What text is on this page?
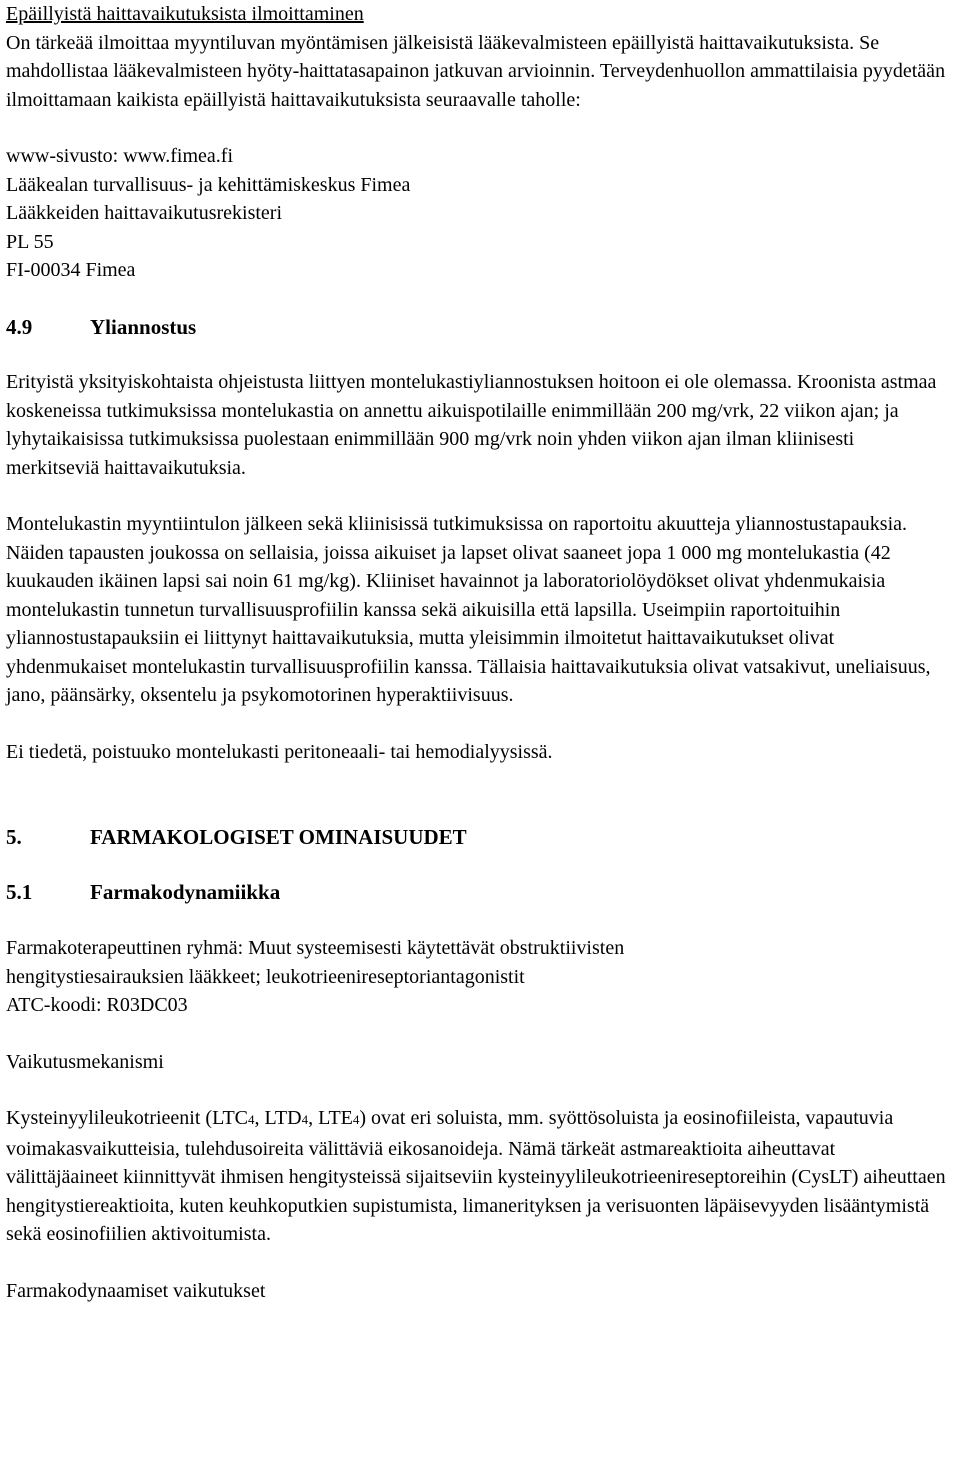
Epäillyistä haittavaikutuksista ilmoittaminen

On tärkeää ilmoittaa myyntiluvan myöntämisen jälkeisistä lääkevalmisteen epäillyistä haittavaikutuksista. Se mahdollistaa lääkevalmisteen hyöty-haittatasapainon jatkuvan arvioinnin. Terveydenhuollon ammattilaisia pyydetään ilmoittamaan kaikista epäillyistä haittavaikutuksista seuraavalle taholle:

www-sivusto: www.fimea.fi

Lääkealan turvallisuus- ja kehittämiskeskus Fimea
Lääkkeiden haittavaikutusrekisteri
PL 55
FI-00034 Fimea
4.9	Yliannostus

Erityistä yksityiskohtaista ohjeistusta liittyen montelukastiyliannostuksen hoitoon ei ole olemassa. Kroonista astmaa koskeneissa tutkimuksissa montelukastia on annettu aikuispotilaille enimmillään 200 mg/vrk, 22 viikon ajan; ja lyhytaikaisissa tutkimuksissa puolestaan enimmillään 900 mg/vrk noin yhden viikon ajan ilman kliinisesti merkitseviä haittavaikutuksia.

Montelukastin myyntiintulon jälkeen sekä kliinisissä tutkimuksissa on raportoitu akuutteja yliannostustapauksia. Näiden tapausten joukossa on sellaisia, joissa aikuiset ja lapset olivat saaneet jopa 1 000 mg montelukastia (42 kuukauden ikäinen lapsi sai noin 61 mg/kg). Kliiniset havainnot ja laboratoriolöydökset olivat yhdenmukaisia montelukastin tunnetun turvallisuusprofiilin kanssa sekä aikuisilla että lapsilla. Useimpiin raportoituihin yliannostustapauksiin ei liittynyt haittavaikutuksia, mutta yleisimmin ilmoitetut haittavaikutukset olivat yhdenmukaiset montelukastin turvallisuusprofiilin kanssa. Tällaisia haittavaikutuksia olivat vatsakivut, uneliaisuus, jano, päänsärky, oksentelu ja psykomotorinen hyperaktiivisuus.

Ei tiedetä, poistuuko montelukasti peritoneaali- tai hemodialyysissä.

5.	FARMAKOLOGISET OMINAISUUDET
5.1	Farmakodynamiikka

Farmakoterapeuttinen ryhmä: Muut systeemisesti käytettävät obstruktiivisten

hengitystiesairauksien lääkkeet; leukotrieenireseptoriantagonistit

ATC-koodi: R03DC03

Vaikutusmekanismi

Kysteinyylileukotrieenit (LTC4, LTD4, LTE4) ovat eri soluista, mm. syöttösoluista ja eosinofiileista, vapautuvia voimakasvaikutteisia, tulehdusoireita välittäviä eikosanoideja. Nämä tärkeät astmareaktioita aiheuttavat välittäjäaineet kiinnittyvät ihmisen hengitysteissä sijaitseviin kysteinyylileukotrieenireseptoreihin (CysLT) aiheuttaen hengitystiereaktioita, kuten keuhkoputkien supistumista, limanerityksen ja verisuonten läpäisevyyden lisääntymistä sekä eosinofiilien aktivoitumista.

Farmakodynaamiset vaikutukset
